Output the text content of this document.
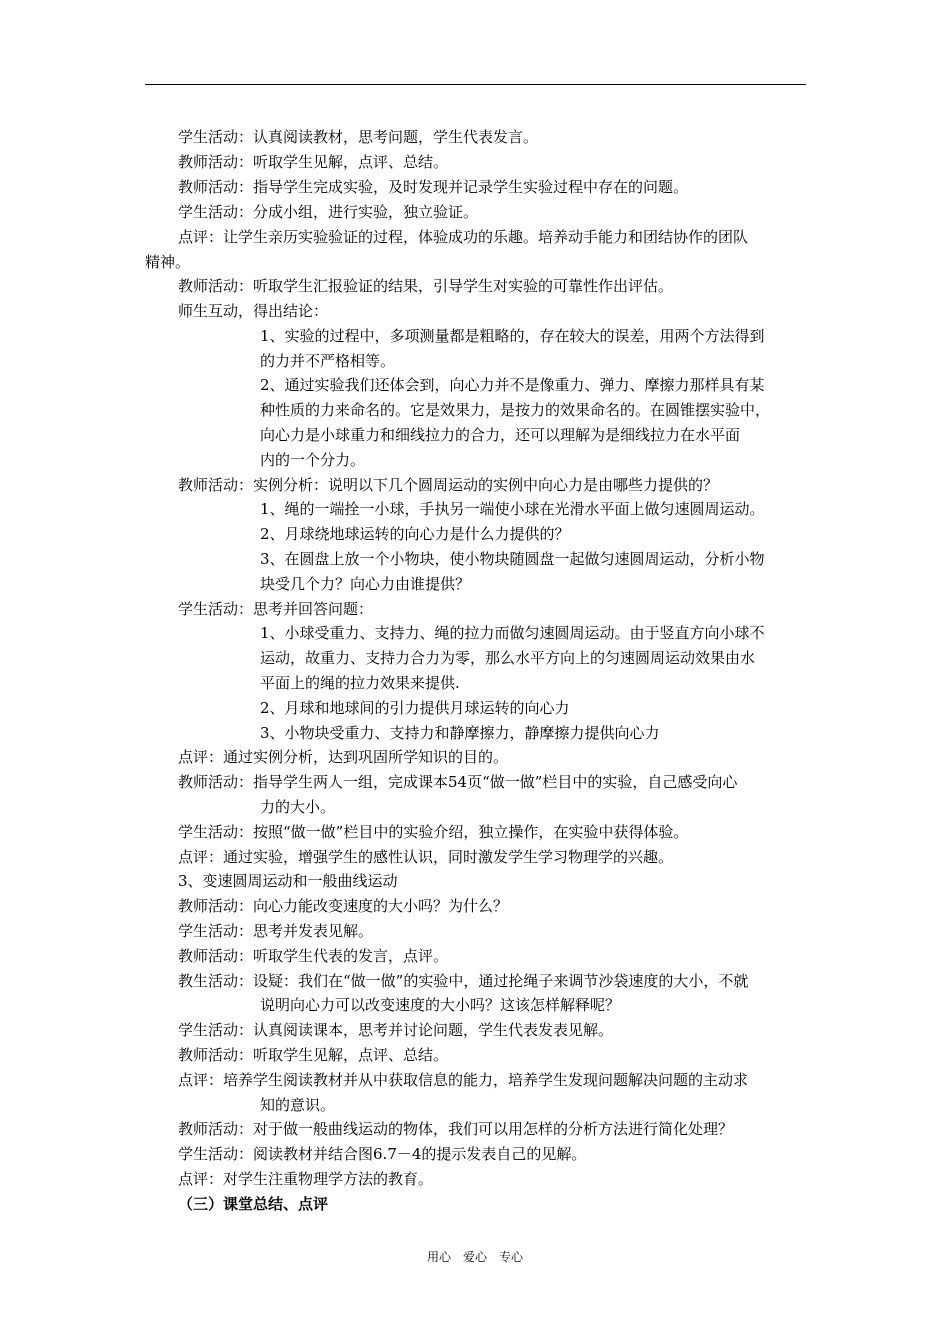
学生活动：认真阅读教材，思考问题，学生代表发言。
教师活动：听取学生见解，点评、总结。
教师活动：指导学生完成实验，及时发现并记录学生实验过程中存在的问题。
学生活动：分成小组，进行实验，独立验证。
点评：让学生亲历实验验证的过程，体验成功的乐趣。培养动手能力和团结协作的团队
精神。
教师活动：听取学生汇报验证的结果，引导学生对实验的可靠性作出评估。
师生互动，得出结论：
1、实验的过程中，多项测量都是粗略的，存在较大的误差，用两个方法得到
的力并不严格相等。
2、通过实验我们还体会到，向心力并不是像重力、弹力、摩擦力那样具有某
种性质的力来命名的。它是效果力，是按力的效果命名的。在圆锥摆实验中，
向心力是小球重力和细线拉力的合力，还可以理解为是细线拉力在水平面
内的一个分力。
教师活动：实例分析：说明以下几个圆周运动的实例中向心力是由哪些力提供的？
1、绳的一端拴一小球，手执另一端使小球在光滑水平面上做匀速圆周运动。
2、月球绕地球运转的向心力是什么力提供的？
3、在圆盘上放一个小物块，使小物块随圆盘一起做匀速圆周运动，分析小物
块受几个力？向心力由谁提供？
学生活动：思考并回答问题：
1、小球受重力、支持力、绳的拉力而做匀速圆周运动。由于竖直方向小球不
运动，故重力、支持力合力为零，那么水平方向上的匀速圆周运动效果由水
平面上的绳的拉力效果来提供.
2、月球和地球间的引力提供月球运转的向心力
3、小物块受重力、支持力和静摩擦力，静摩擦力提供向心力
点评：通过实例分析，达到巩固所学知识的目的。
教师活动：指导学生两人一组，完成课本54页“做一做”栏目中的实验，自己感受向心
力的大小。
学生活动：按照“做一做”栏目中的实验介绍，独立操作，在实验中获得体验。
点评：通过实验，增强学生的感性认识，同时激发学生学习物理学的兴趣。
3、变速圆周运动和一般曲线运动
教师活动：向心力能改变速度的大小吗？为什么？
学生活动：思考并发表见解。
教师活动：听取学生代表的发言，点评。
教生活动：设疑：我们在“做一做”的实验中，通过抡绳子来调节沙袋速度的大小，不就
说明向心力可以改变速度的大小吗？这该怎样解释呢？
学生活动：认真阅读课本，思考并讨论问题，学生代表发表见解。
教师活动：听取学生见解，点评、总结。
点评：培养学生阅读教材并从中获取信息的能力，培养学生发现问题解决问题的主动求
知的意识。
教师活动：对于做一般曲线运动的物体，我们可以用怎样的分析方法进行简化处理？
学生活动：阅读教材并结合图6.7－4的提示发表自己的见解。
点评：对学生注重物理学方法的教育。
（三）课堂总结、点评
用心　爱心　专心
